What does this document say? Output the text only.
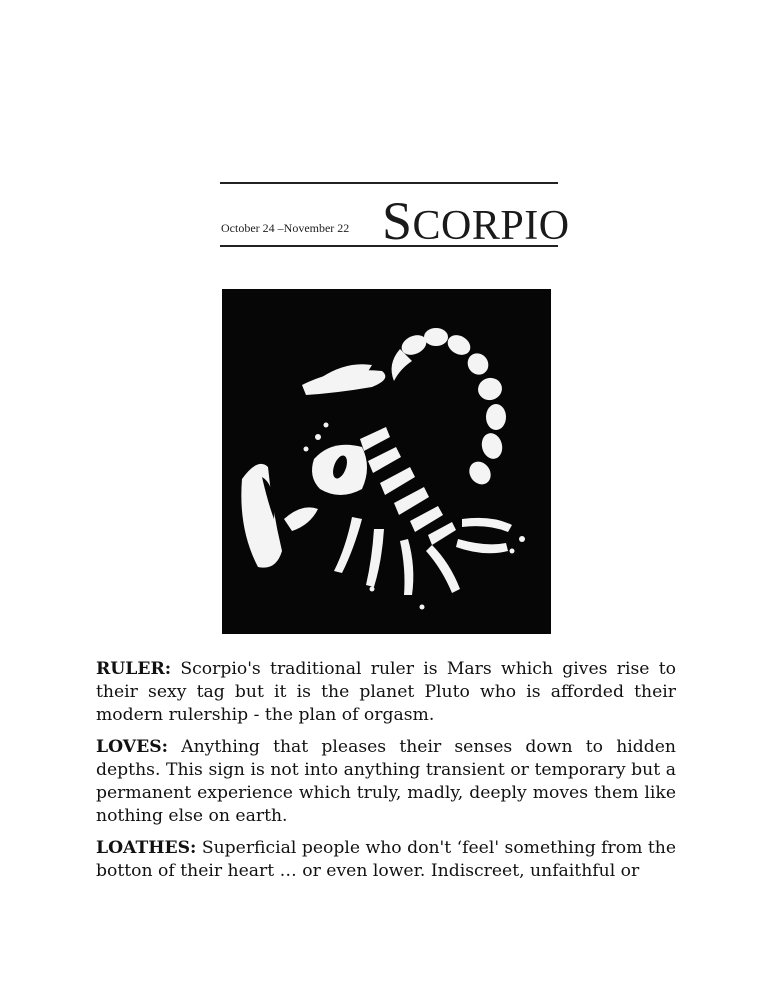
October 24 –November 22 SCORPIO

RULER: Scorpio's traditional ruler is Mars which gives rise to their sexy tag but it is the planet Pluto who is afforded their modern rulership - the plan of orgasm.

LOVES: Anything that pleases their senses down to hidden depths. This sign is not into anything transient or temporary but a permanent experience which truly, madly, deeply moves them like nothing else on earth.

LOATHES: Superficial people who don't ‘feel' something from the botton of their heart … or even lower. Indiscreet, unfaithful or
